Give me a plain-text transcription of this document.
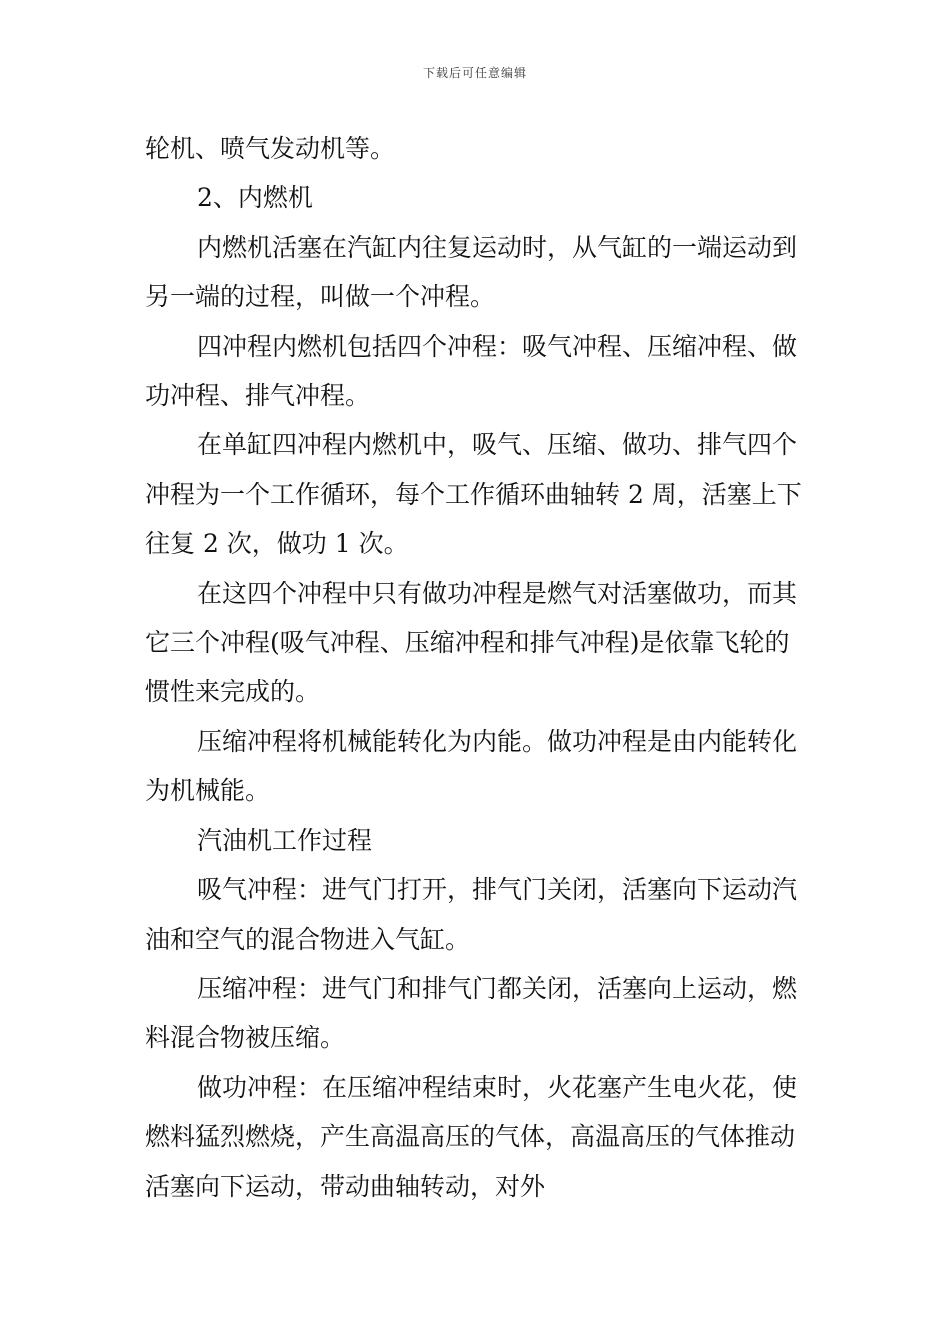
下载后可任意编辑

轮机、喷气发动机等。

2、内燃机

内燃机活塞在汽缸内往复运动时，从气缸的一端运动到另一端的过程，叫做一个冲程。

四冲程内燃机包括四个冲程：吸气冲程、压缩冲程、做功冲程、排气冲程。

在单缸四冲程内燃机中，吸气、压缩、做功、排气四个冲程为一个工作循环，每个工作循环曲轴转 2 周，活塞上下往复 2 次，做功 1 次。

在这四个冲程中只有做功冲程是燃气对活塞做功，而其它三个冲程(吸气冲程、压缩冲程和排气冲程)是依靠飞轮的惯性来完成的。

压缩冲程将机械能转化为内能。做功冲程是由内能转化为机械能。

汽油机工作过程

吸气冲程：进气门打开，排气门关闭，活塞向下运动汽油和空气的混合物进入气缸。

压缩冲程：进气门和排气门都关闭，活塞向上运动，燃料混合物被压缩。

做功冲程：在压缩冲程结束时，火花塞产生电火花，使燃料猛烈燃烧，产生高温高压的气体，高温高压的气体推动活塞向下运动，带动曲轴转动，对外
